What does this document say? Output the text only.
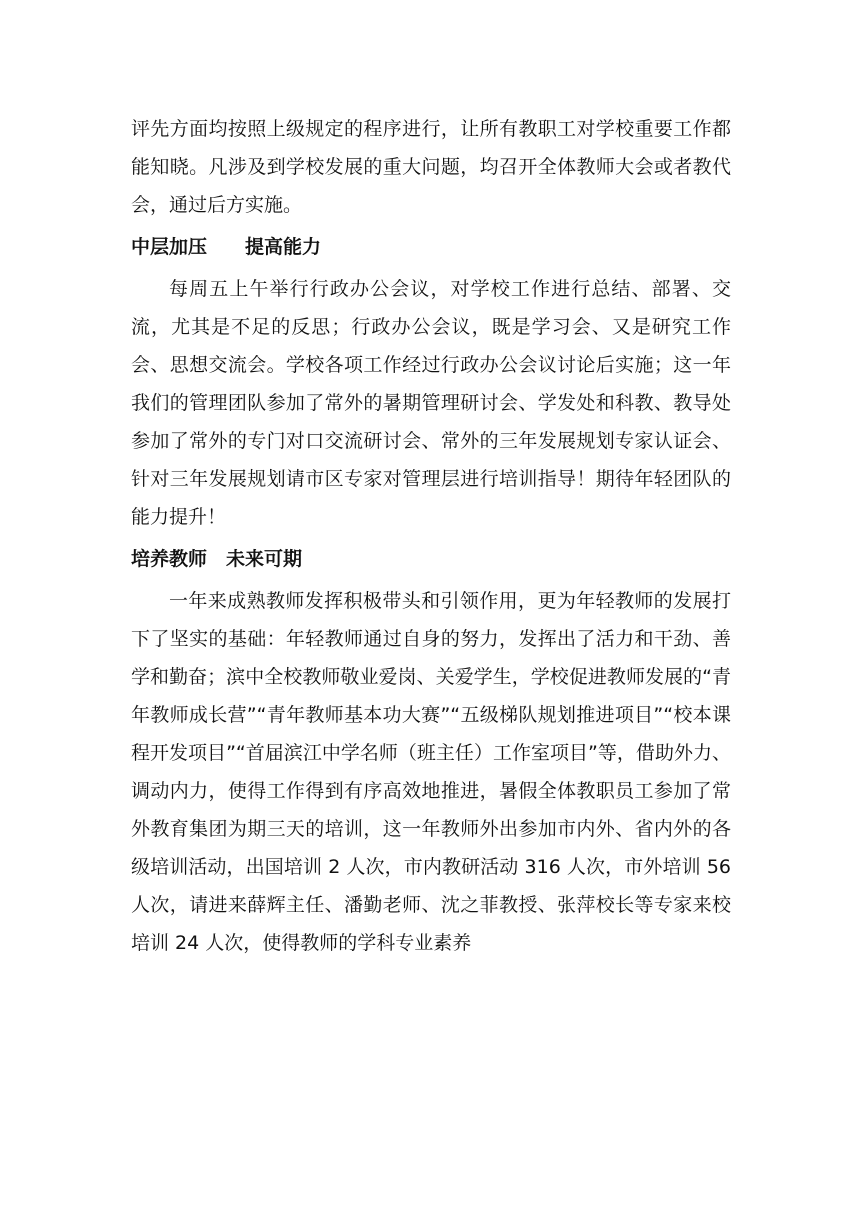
评先方面均按照上级规定的程序进行，让所有教职工对学校重要工作都能知晓。凡涉及到学校发展的重大问题，均召开全体教师大会或者教代会，通过后方实施。

中层加压 提高能力

每周五上午举行行政办公会议，对学校工作进行总结、部署、交流，尤其是不足的反思；行政办公会议，既是学习会、又是研究工作会、思想交流会。学校各项工作经过行政办公会议讨论后实施；这一年我们的管理团队参加了常外的暑期管理研讨会、学发处和科教、教导处参加了常外的专门对口交流研讨会、常外的三年发展规划专家认证会、针对三年发展规划请市区专家对管理层进行培训指导！期待年轻团队的能力提升！

培养教师 未来可期

一年来成熟教师发挥积极带头和引领作用，更为年轻教师的发展打下了坚实的基础：年轻教师通过自身的努力，发挥出了活力和干劲、善学和勤奋；滨中全校教师敬业爱岗、关爱学生，学校促进教师发展的“青年教师成长营”“青年教师基本功大赛”“五级梯队规划推进项目”“校本课程开发项目”“首届滨江中学名师（班主任）工作室项目”等，借助外力、调动内力，使得工作得到有序高效地推进，暑假全体教职员工参加了常外教育集团为期三天的培训，这一年教师外出参加市内外、省内外的各级培训活动，出国培训 2 人次，市内教研活动 316 人次，市外培训 56 人次，请进来薛辉主任、潘勤老师、沈之菲教授、张萍校长等专家来校培训 24 人次，使得教师的学科专业素养
